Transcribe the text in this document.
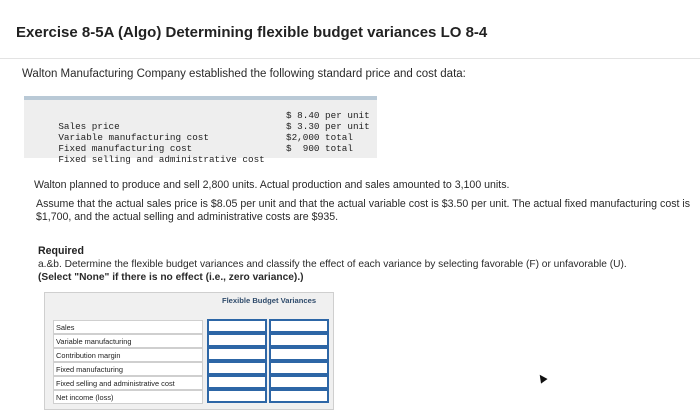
Exercise 8-5A (Algo) Determining flexible budget variances LO 8-4
Walton Manufacturing Company established the following standard price and cost data:

Sales price

$ 8.40 per unit

Variable manufacturing cost

$ 3.30 per unit

Fixed manufacturing cost

$2,000 total

Fixed selling and administrative cost

$  900 total

Walton planned to produce and sell 2,800 units. Actual production and sales amounted to 3,100 units.
Assume that the actual sales price is $8.05 per unit and that the actual variable cost is $3.50 per unit. The actual fixed manufacturing cost is $1,700, and the actual selling and administrative costs are $935.
Required
a.&b. Determine the flexible budget variances and classify the effect of each variance by selecting favorable (F) or unfavorable (U).
(Select "None" if there is no effect (i.e., zero variance).)
Flexible Budget Variances
Sales
Variable manufacturing
Contribution margin
Fixed manufacturing
Fixed selling and administrative cost
Net income (loss)
